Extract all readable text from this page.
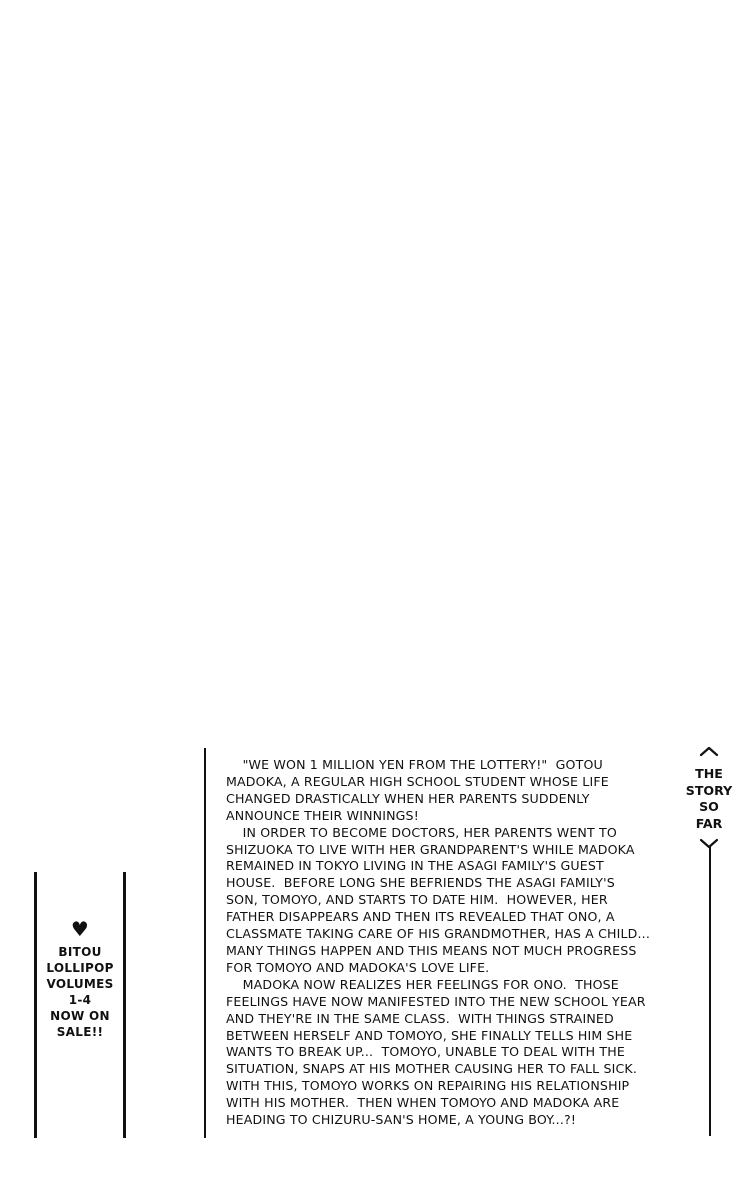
♥
BITOU
LOLLIPOP
VOLUMES
1-4
NOW ON
SALE!!
"WE WON 1 MILLION YEN FROM THE LOTTERY!"  GOTOU
MADOKA, A REGULAR HIGH SCHOOL STUDENT WHOSE LIFE
CHANGED DRASTICALLY WHEN HER PARENTS SUDDENLY
ANNOUNCE THEIR WINNINGS!
IN ORDER TO BECOME DOCTORS, HER PARENTS WENT TO
SHIZUOKA TO LIVE WITH HER GRANDPARENT'S WHILE MADOKA
REMAINED IN TOKYO LIVING IN THE ASAGI FAMILY'S GUEST
HOUSE.  BEFORE LONG SHE BEFRIENDS THE ASAGI FAMILY'S
SON, TOMOYO, AND STARTS TO DATE HIM.  HOWEVER, HER
FATHER DISAPPEARS AND THEN ITS REVEALED THAT ONO, A
CLASSMATE TAKING CARE OF HIS GRANDMOTHER, HAS A CHILD...
MANY THINGS HAPPEN AND THIS MEANS NOT MUCH PROGRESS
FOR TOMOYO AND MADOKA'S LOVE LIFE.
MADOKA NOW REALIZES HER FEELINGS FOR ONO.  THOSE
FEELINGS HAVE NOW MANIFESTED INTO THE NEW SCHOOL YEAR
AND THEY'RE IN THE SAME CLASS.  WITH THINGS STRAINED
BETWEEN HERSELF AND TOMOYO, SHE FINALLY TELLS HIM SHE
WANTS TO BREAK UP...  TOMOYO, UNABLE TO DEAL WITH THE
SITUATION, SNAPS AT HIS MOTHER CAUSING HER TO FALL SICK.
WITH THIS, TOMOYO WORKS ON REPAIRING HIS RELATIONSHIP
WITH HIS MOTHER.  THEN WHEN TOMOYO AND MADOKA ARE
HEADING TO CHIZURU-SAN'S HOME, A YOUNG BOY...?!
THE
STORY
SO
FAR
